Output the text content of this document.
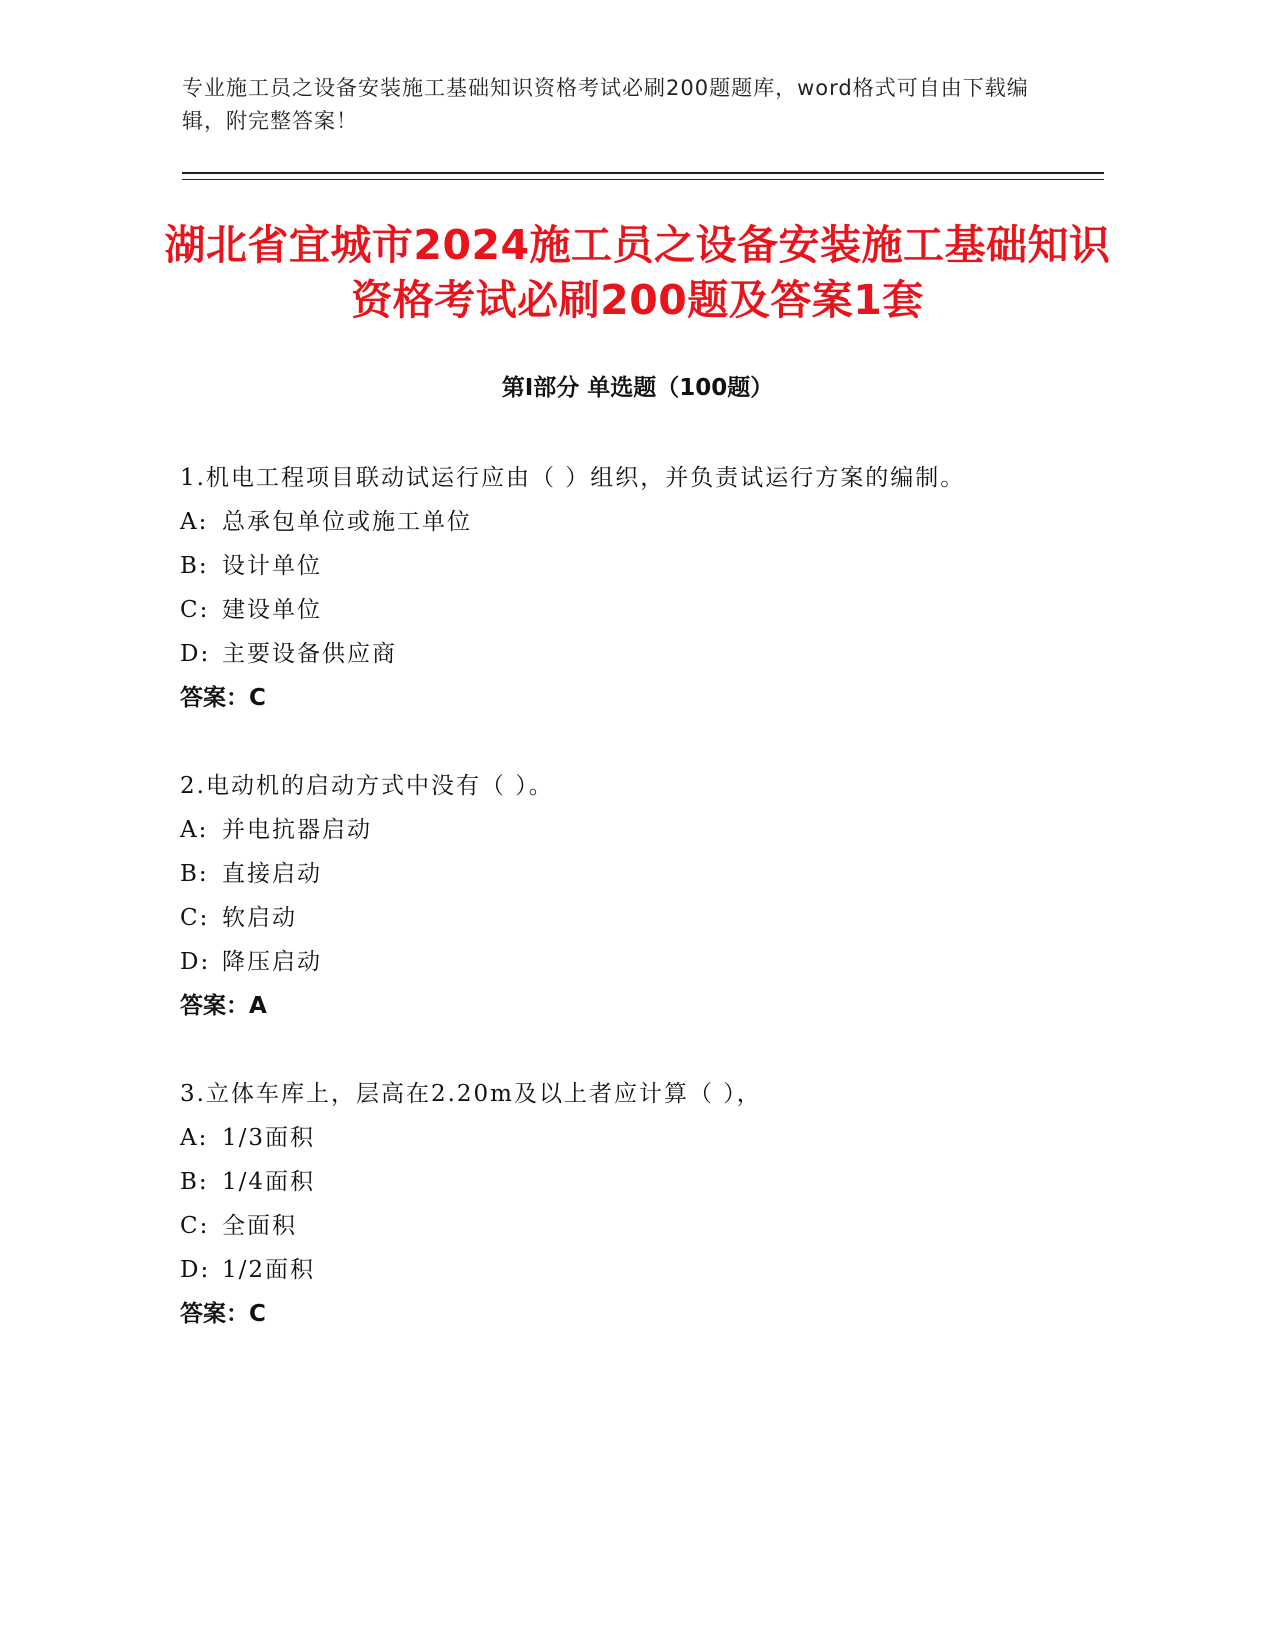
专业施工员之设备安装施工基础知识资格考试必刷200题题库，word格式可自由下载编辑，附完整答案！
湖北省宜城市2024施工员之设备安装施工基础知识资格考试必刷200题及答案1套
第Ⅰ部分 单选题（100题）
1.机电工程项目联动试运行应由（ ）组织，并负责试运行方案的编制。
A: 总承包单位或施工单位
B: 设计单位
C: 建设单位
D: 主要设备供应商
答案：C
2.电动机的启动方式中没有（ ）。
A: 并电抗器启动
B: 直接启动
C: 软启动
D: 降压启动
答案：A
3.立体车库上，层高在2.20m及以上者应计算（ ），
A: 1/3面积
B: 1/4面积
C: 全面积
D: 1/2面积
答案：C
